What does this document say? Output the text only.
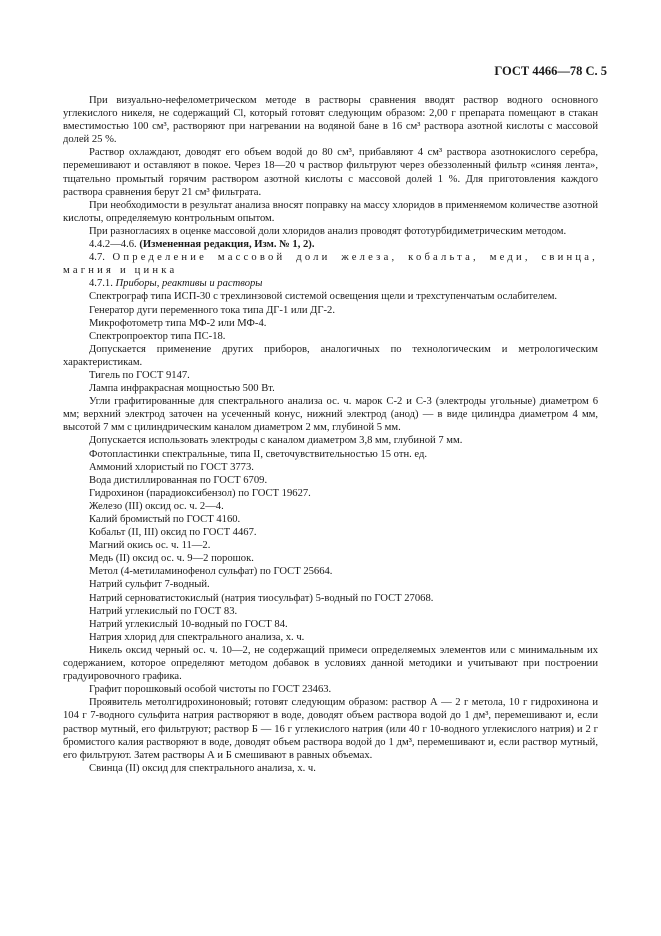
ГОСТ 4466—78 С. 5

При визуально-нефелометрическом методе в растворы сравнения вводят раствор водного основного углекислого никеля, не содержащий Cl, который готовят следующим образом: 2,00 г препарата помещают в стакан вместимостью 100 см³, растворяют при нагревании на водяной бане в 16 см³ раствора азотной кислоты с массовой долей 25 %.

Раствор охлаждают, доводят его объем водой до 80 см³, прибавляют 4 см³ раствора азотнокислого серебра, перемешивают и оставляют в покое. Через 18—20 ч раствор фильтруют через обеззоленный фильтр «синяя лента», тщательно промытый горячим раствором азотной кислоты с массовой долей 1 %. Для приготовления каждого раствора сравнения берут 21 см³ фильтрата.

При необходимости в результат анализа вносят поправку на массу хлоридов в применяемом количестве азотной кислоты, определяемую контрольным опытом.

При разногласиях в оценке массовой доли хлоридов анализ проводят фототурбидиметрическим методом.

4.4.2—4.6. (Измененная редакция, Изм. № 1, 2).

4.7. Определение массовой доли железа, кобальта, меди, свинца, магния и цинка

4.7.1. Приборы, реактивы и растворы

Спектрограф типа ИСП-30 с трехлинзовой системой освещения щели и трехступенчатым ослабителем.

Генератор дуги переменного тока типа ДГ-1 или ДГ-2.

Микрофотометр типа МФ-2 или МФ-4.

Спектропроектор типа ПС-18.

Допускается применение других приборов, аналогичных по технологическим и метрологическим характеристикам.

Тигель по ГОСТ 9147.

Лампа инфракрасная мощностью 500 Вт.

Угли графитированные для спектрального анализа ос. ч. марок С-2 и С-3 (электроды угольные) диаметром 6 мм; верхний электрод заточен на усеченный конус, нижний электрод (анод) — в виде цилиндра диаметром 4 мм, высотой 7 мм с цилиндрическим каналом диаметром 2 мм, глубиной 5 мм.

Допускается использовать электроды с каналом диаметром 3,8 мм, глубиной 7 мм.

Фотопластинки спектральные, типа II, светочувствительностью 15 отн. ед.

Аммоний хлористый по ГОСТ 3773.

Вода дистиллированная по ГОСТ 6709.

Гидрохинон (парадиоксибензол) по ГОСТ 19627.

Железо (III) оксид ос. ч. 2—4.

Калий бромистый по ГОСТ 4160.

Кобальт (II, III) оксид по ГОСТ 4467.

Магний окись ос. ч. 11—2.

Медь (II) оксид ос. ч. 9—2 порошок.

Метол (4-метиламинофенол сульфат) по ГОСТ 25664.

Натрий сульфит 7-водный.

Натрий серноватистокислый (натрия тиосульфат) 5-водный по ГОСТ 27068.

Натрий углекислый по ГОСТ 83.

Натрий углекислый 10-водный по ГОСТ 84.

Натрия хлорид для спектрального анализа, х. ч.

Никель оксид черный ос. ч. 10—2, не содержащий примеси определяемых элементов или с минимальным их содержанием, которое определяют методом добавок в условиях данной методики и учитывают при построении градуировочного графика.

Графит порошковый особой чистоты по ГОСТ 23463.

Проявитель метолгидрохиноновый; готовят следующим образом: раствор А — 2 г метола, 10 г гидрохинона и 104 г 7-водного сульфита натрия растворяют в воде, доводят объем раствора водой до 1 дм³, перемешивают и, если раствор мутный, его фильтруют; раствор Б — 16 г углекислого натрия (или 40 г 10-водного углекислого натрия) и 2 г бромистого калия растворяют в воде, доводят объем раствора водой до 1 дм³, перемешивают и, если раствор мутный, его фильтруют. Затем растворы А и Б смешивают в равных объемах.

Свинца (II) оксид для спектрального анализа, х. ч.
